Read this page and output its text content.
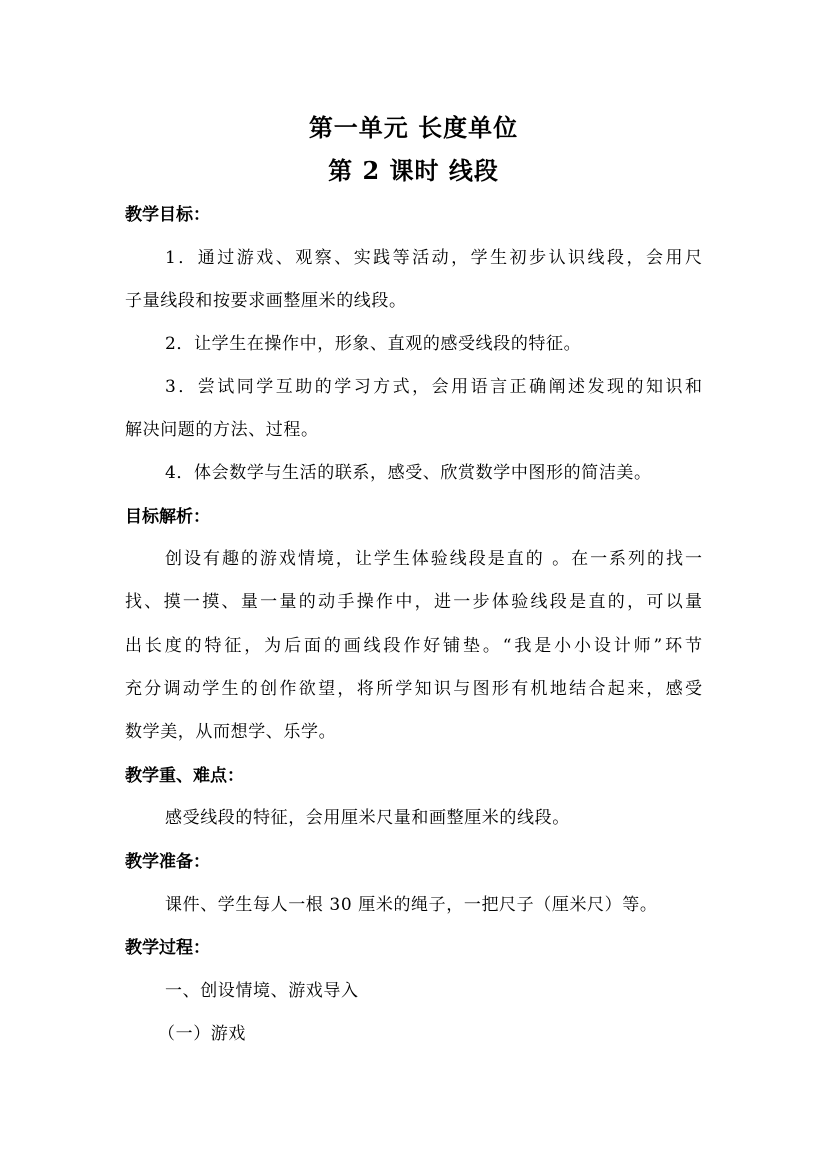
第一单元 长度单位
第 2 课时 线段
教学目标：
1．通过游戏、观察、实践等活动，学生初步认识线段，会用尺
子量线段和按要求画整厘米的线段。
2．让学生在操作中，形象、直观的感受线段的特征。
3．尝试同学互助的学习方式，会用语言正确阐述发现的知识和
解决问题的方法、过程。
4．体会数学与生活的联系，感受、欣赏数学中图形的简洁美。
目标解析：
创设有趣的游戏情境，让学生体验线段是直的 。在一系列的找一
找、摸一摸、量一量的动手操作中，进一步体验线段是直的，可以量
出长度的特征，为后面的画线段作好铺垫。“我是小小设计师”环节
充分调动学生的创作欲望，将所学知识与图形有机地结合起来，感受
数学美，从而想学、乐学。
教学重、难点：
感受线段的特征，会用厘米尺量和画整厘米的线段。
教学准备：
课件、学生每人一根 30 厘米的绳子，一把尺子（厘米尺）等。
教学过程：
一、创设情境、游戏导入
（一）游戏
